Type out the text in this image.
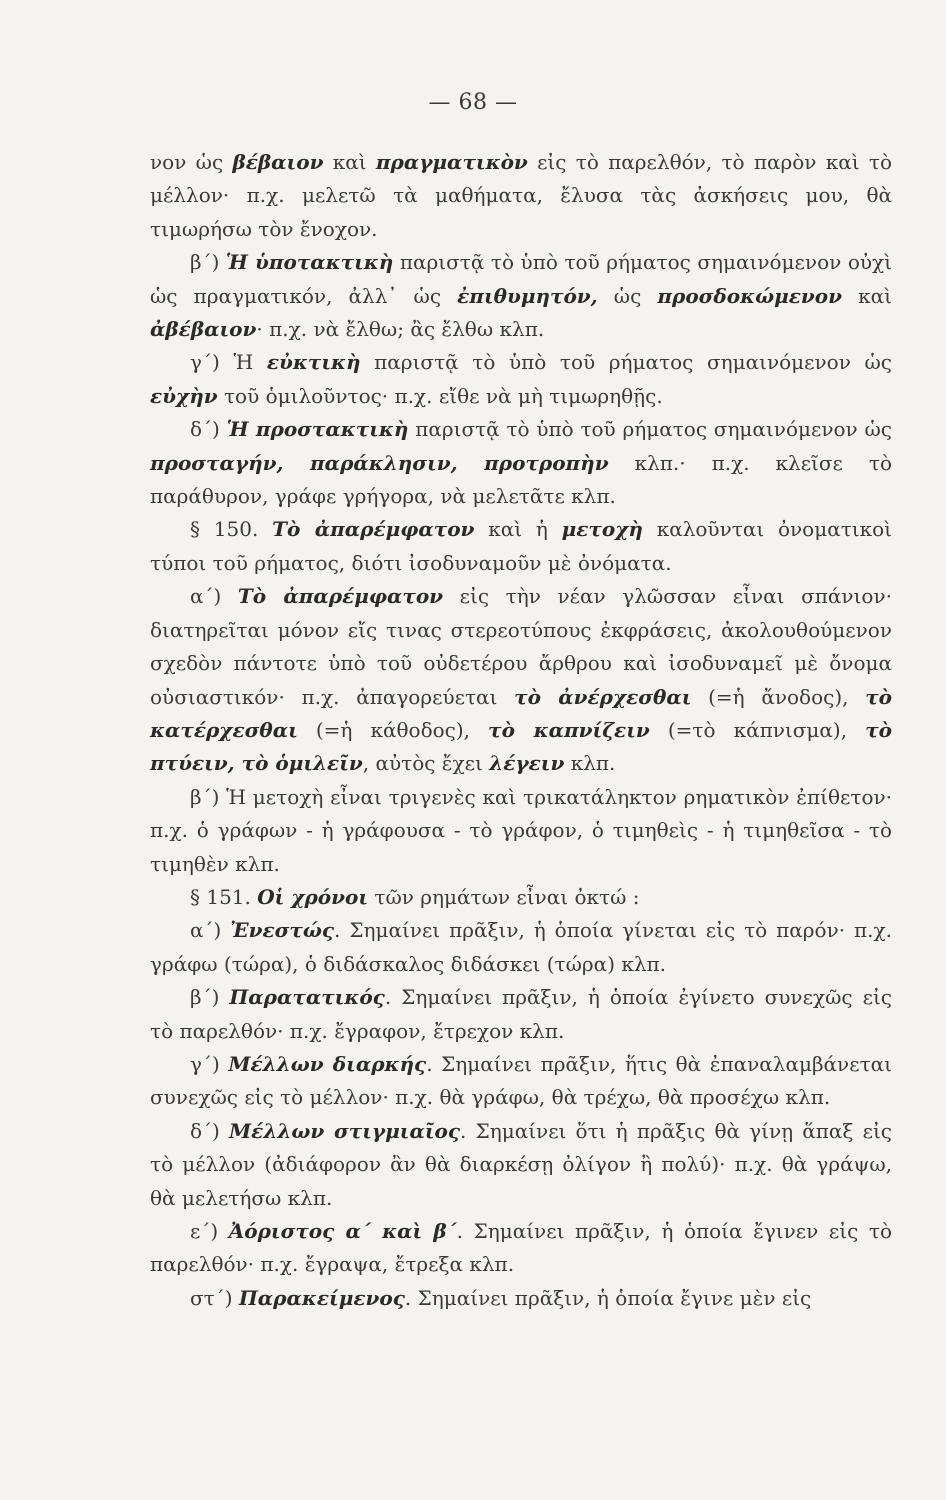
— 68 —

νον ὡς βέβαιον καὶ πραγματικὸν εἰς τὸ παρελθόν, τὸ παρὸν καὶ τὸ μέλλον· π.χ. μελετῶ τὰ μαθήματα, ἔλυσα τὰς ἀσκήσεις μου, θὰ τιμωρήσω τὸν ἔνοχον.

β΄) Ἡ ὑποτακτικὴ παριστᾷ τὸ ὑπὸ τοῦ ρήματος σημαινόμενον οὐχὶ ὡς πραγματικόν, ἀλλ᾿ ὡς ἐπιθυμητόν, ὡς προσδοκώμενον καὶ ἀβέβαιον· π.χ. νὰ ἔλθω; ἂς ἔλθω κλπ.

γ΄) Ἡ εὐκτικὴ παριστᾷ τὸ ὑπὸ τοῦ ρήματος σημαινόμενον ὡς εὐχὴν τοῦ ὁμιλοῦντος· π.χ. εἴθε νὰ μὴ τιμωρηθῇς.

δ΄) Ἡ προστακτικὴ παριστᾷ τὸ ὑπὸ τοῦ ρήματος σημαινόμενον ὡς προσταγήν, παράκλησιν, προτροπὴν κλπ.· π.χ. κλεῖσε τὸ παράθυρον, γράφε γρήγορα, νὰ μελετᾶτε κλπ.

§ 150. Τὸ ἀπαρέμφατον καὶ ἡ μετοχὴ καλοῦνται ὀνοματικοὶ τύποι τοῦ ρήματος, διότι ἰσοδυναμοῦν μὲ ὀνόματα.

α΄) Τὸ ἀπαρέμφατον εἰς τὴν νέαν γλῶσσαν εἶναι σπάνιον· διατηρεῖται μόνον εἴς τινας στερεοτύπους ἐκφράσεις, ἀκολουθούμενον σχεδὸν πάντοτε ὑπὸ τοῦ οὐδετέρου ἄρθρου καὶ ἰσοδυναμεῖ μὲ ὄνομα οὐσιαστικόν· π.χ. ἀπαγορεύεται τὸ ἀνέρχεσθαι (=ἡ ἄνοδος), τὸ κατέρχεσθαι (=ἡ κάθοδος), τὸ καπνίζειν (=τὸ κάπνισμα), τὸ πτύειν, τὸ ὁμιλεῖν, αὐτὸς ἔχει λέγειν κλπ.

β΄) Ἡ μετοχὴ εἶναι τριγενὲς καὶ τρικατάληκτον ρηματικὸν ἐπίθετον· π.χ. ὁ γράφων - ἡ γράφουσα - τὸ γράφον, ὁ τιμηθεὶς - ἡ τιμηθεῖσα - τὸ τιμηθὲν κλπ.

§ 151. Οἱ χρόνοι τῶν ρημάτων εἶναι ὀκτώ :

α΄) Ἐνεστώς. Σημαίνει πρᾶξιν, ἡ ὁποία γίνεται εἰς τὸ παρόν· π.χ. γράφω (τώρα), ὁ διδάσκαλος διδάσκει (τώρα) κλπ.

β΄) Παρατατικός. Σημαίνει πρᾶξιν, ἡ ὁποία ἐγίνετο συνεχῶς εἰς τὸ παρελθόν· π.χ. ἔγραφον, ἔτρεχον κλπ.

γ΄) Μέλλων διαρκής. Σημαίνει πρᾶξιν, ἥτις θὰ ἐπαναλαμβάνεται συνεχῶς εἰς τὸ μέλλον· π.χ. θὰ γράφω, θὰ τρέχω, θὰ προσέχω κλπ.

δ΄) Μέλλων στιγμιαῖος. Σημαίνει ὅτι ἡ πρᾶξις θὰ γίνῃ ἅπαξ εἰς τὸ μέλλον (ἀδιάφορον ἂν θὰ διαρκέσῃ ὀλίγον ἢ πολύ)· π.χ. θὰ γράψω, θὰ μελετήσω κλπ.

ε΄) Ἀόριστος α΄ καὶ β΄. Σημαίνει πρᾶξιν, ἡ ὁποία ἔγινεν εἰς τὸ παρελθόν· π.χ. ἔγραψα, ἔτρεξα κλπ.

στ΄) Παρακείμενος. Σημαίνει πρᾶξιν, ἡ ὁποία ἔγινε μὲν εἰς
